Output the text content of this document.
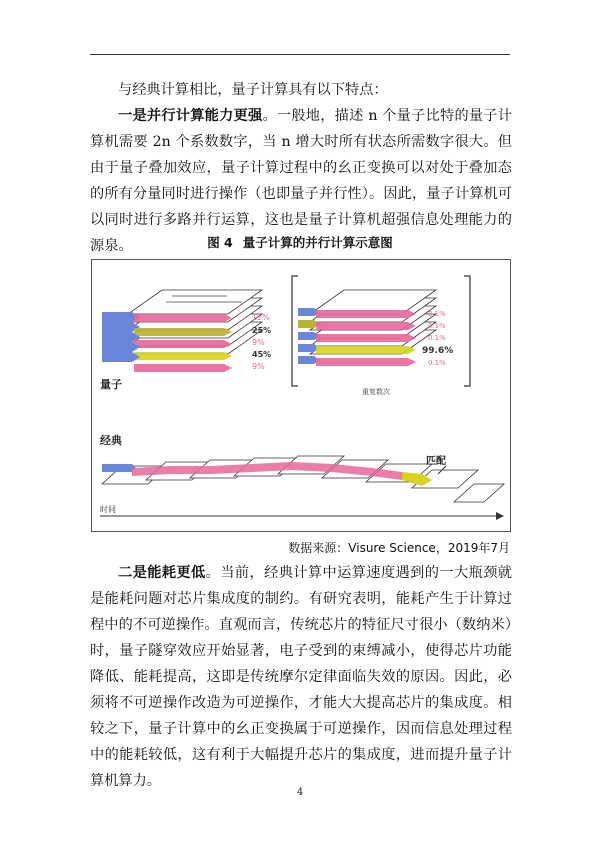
与经典计算相比，量子计算具有以下特点：
一是并行计算能力更强。一般地，描述 n 个量子比特的量子计算机需要 2n 个系数数字，当 n 增大时所有状态所需数字很大。但由于量子叠加效应，量子计算过程中的幺正变换可以对处于叠加态的所有分量同时进行操作（也即量子并行性）。因此，量子计算机可以同时进行多路并行运算，这也是量子计算机超强信息处理能力的源泉。	图 4 量子计算的并行计算示意图
12%
25%
9%
45%
9%
0.1%
0.1%
0.1%
99.6%
0.1%
量子
重复数次
经典
匹配
时间
数据来源：Visure Science，2019年7月
二是能耗更低。当前，经典计算中运算速度遇到的一大瓶颈就是能耗问题对芯片集成度的制约。有研究表明，能耗产生于计算过程中的不可逆操作。直观而言，传统芯片的特征尺寸很小（数纳米）时，量子隧穿效应开始显著，电子受到的束缚减小，使得芯片功能降低、能耗提高，这即是传统摩尔定律面临失效的原因。因此，必须将不可逆操作改造为可逆操作，才能大大提高芯片的集成度。相较之下，量子计算中的幺正变换属于可逆操作，因而信息处理过程中的能耗较低，这有利于大幅提升芯片的集成度，进而提升量子计算机算力。
4
